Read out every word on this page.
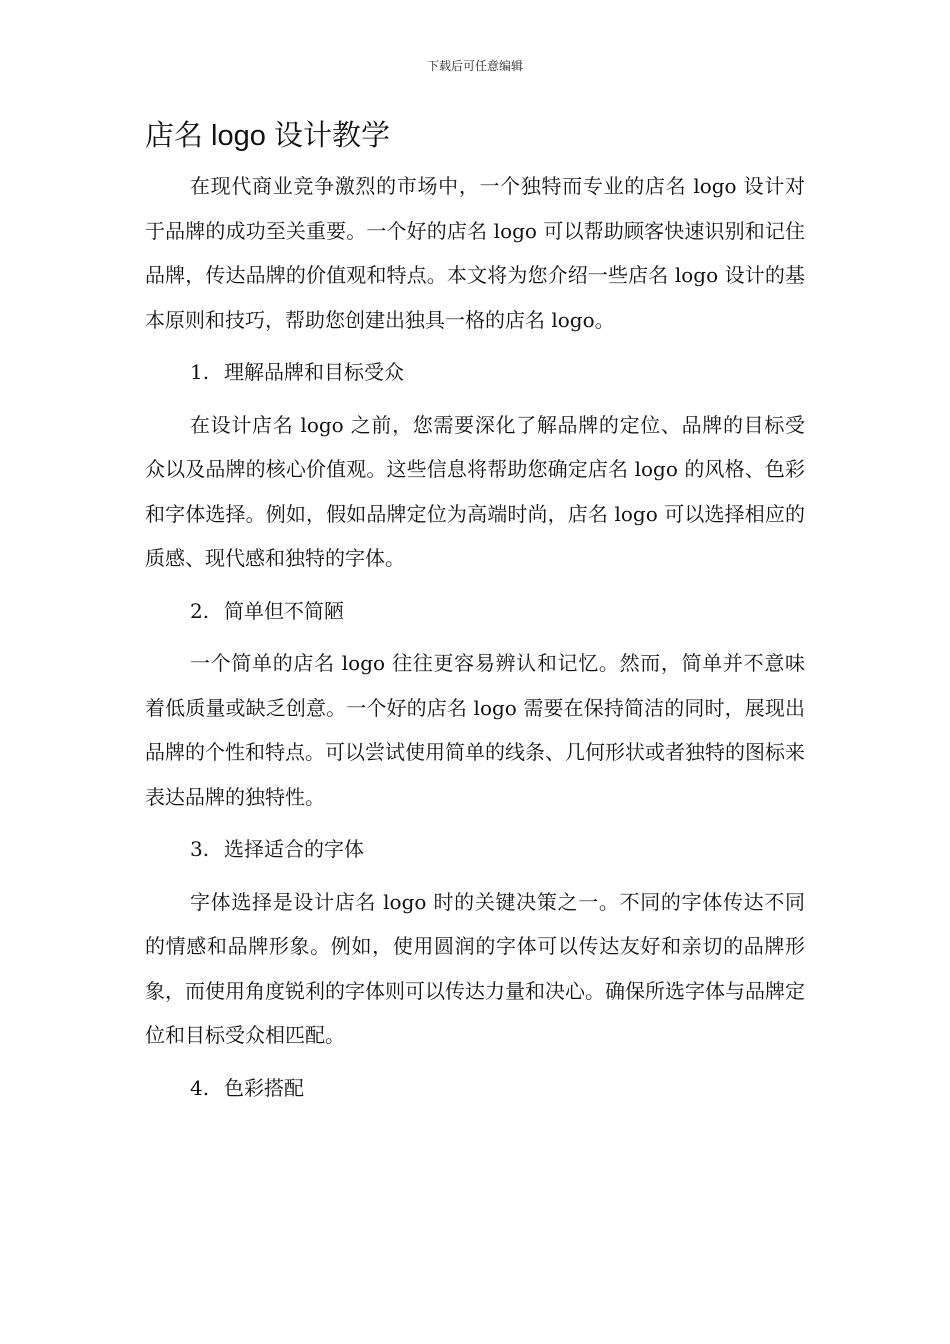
下载后可任意编辑
店名 logo 设计教学

在现代商业竞争激烈的市场中，一个独特而专业的店名 logo 设计对于品牌的成功至关重要。一个好的店名 logo 可以帮助顾客快速识别和记住品牌，传达品牌的价值观和特点。本文将为您介绍一些店名 logo 设计的基本原则和技巧，帮助您创建出独具一格的店名 logo。

1. 理解品牌和目标受众

在设计店名 logo 之前，您需要深化了解品牌的定位、品牌的目标受众以及品牌的核心价值观。这些信息将帮助您确定店名 logo 的风格、色彩和字体选择。例如，假如品牌定位为高端时尚，店名 logo 可以选择相应的质感、现代感和独特的字体。

2. 简单但不简陋

一个简单的店名 logo 往往更容易辨认和记忆。然而，简单并不意味着低质量或缺乏创意。一个好的店名 logo 需要在保持简洁的同时，展现出品牌的个性和特点。可以尝试使用简单的线条、几何形状或者独特的图标来表达品牌的独特性。

3. 选择适合的字体

字体选择是设计店名 logo 时的关键决策之一。不同的字体传达不同的情感和品牌形象。例如，使用圆润的字体可以传达友好和亲切的品牌形象，而使用角度锐利的字体则可以传达力量和决心。确保所选字体与品牌定位和目标受众相匹配。

4. 色彩搭配
